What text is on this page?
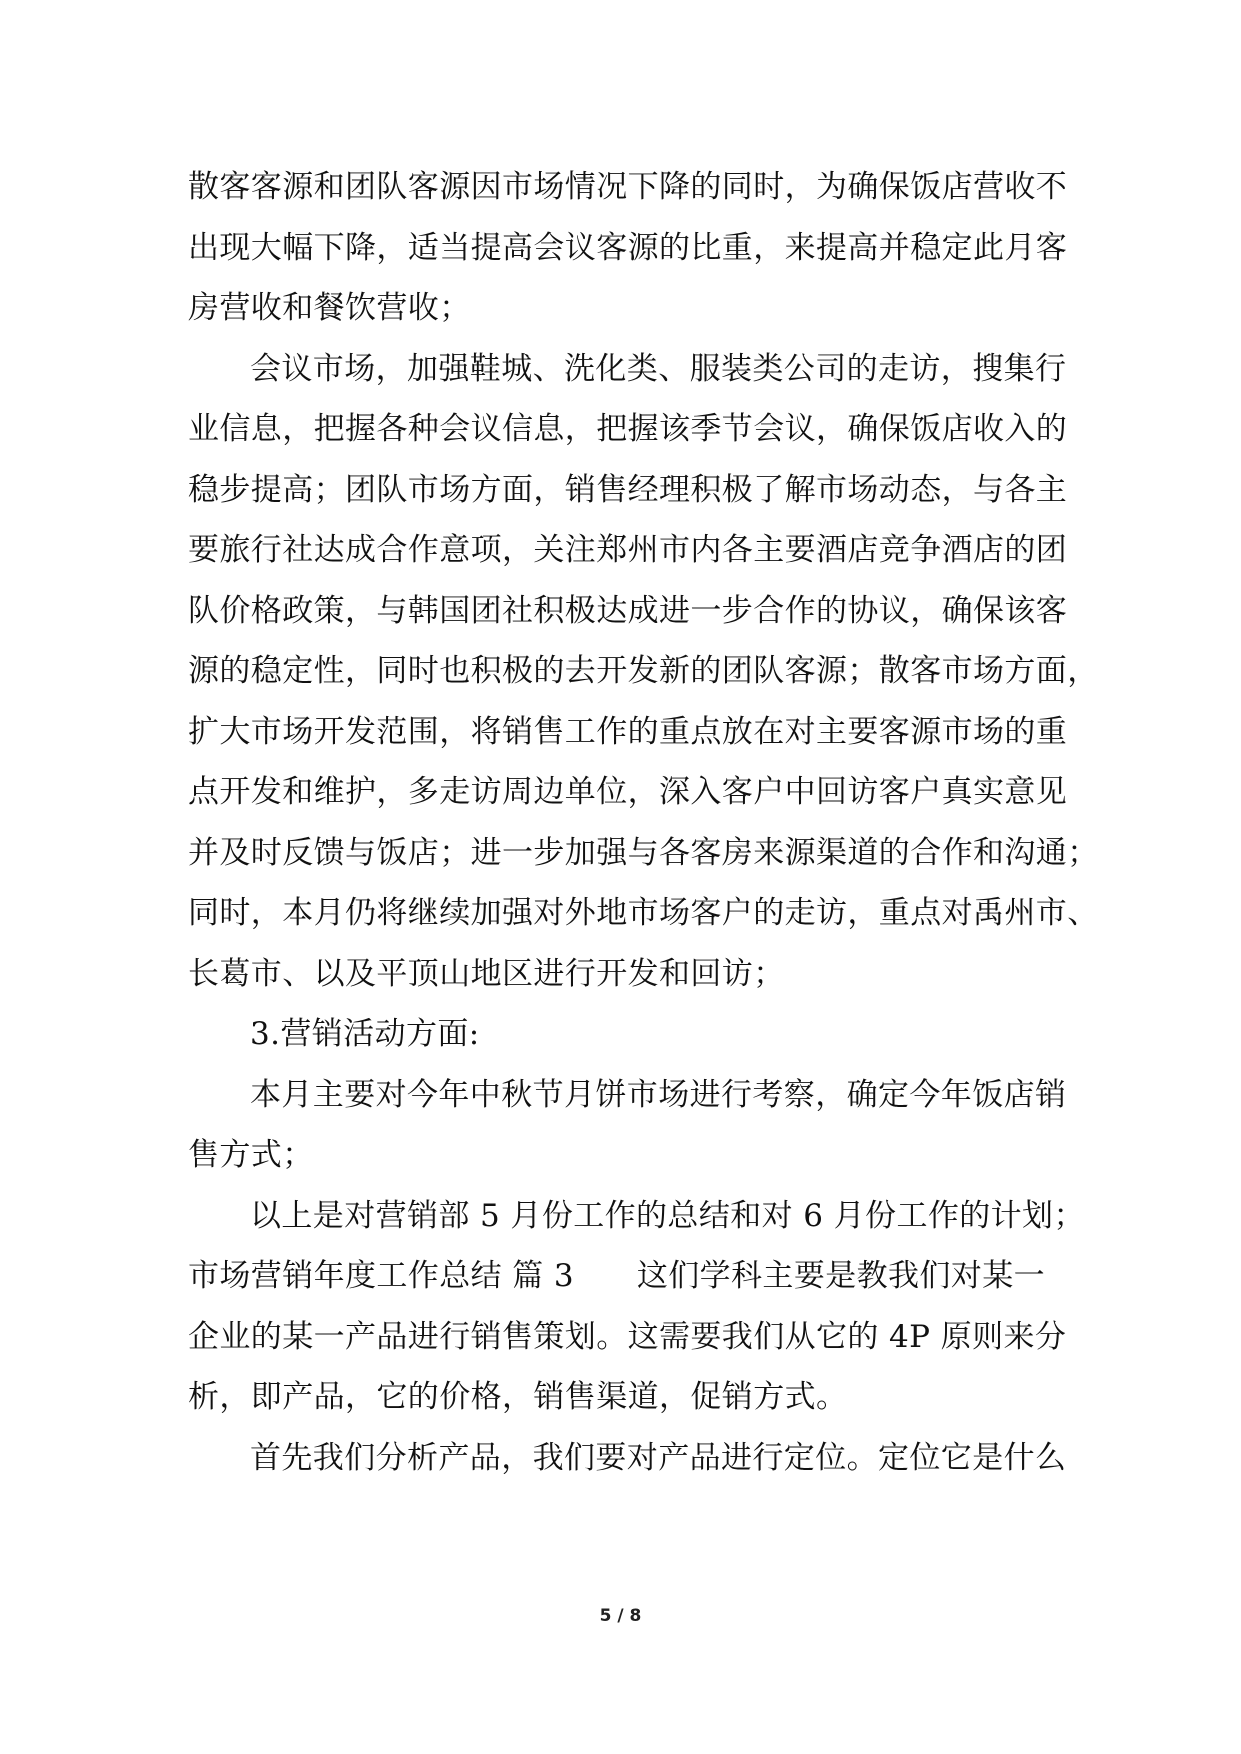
散客客源和团队客源因市场情况下降的同时，为确保饭店营收不
出现大幅下降，适当提高会议客源的比重，来提高并稳定此月客
房营收和餐饮营收；
会议市场，加强鞋城、洗化类、服装类公司的走访，搜集行
业信息，把握各种会议信息，把握该季节会议，确保饭店收入的
稳步提高；团队市场方面，销售经理积极了解市场动态，与各主
要旅行社达成合作意项，关注郑州市内各主要酒店竞争酒店的团
队价格政策，与韩国团社积极达成进一步合作的协议，确保该客
源的稳定性，同时也积极的去开发新的团队客源；散客市场方面，
扩大市场开发范围，将销售工作的重点放在对主要客源市场的重
点开发和维护，多走访周边单位，深入客户中回访客户真实意见
并及时反馈与饭店；进一步加强与各客房来源渠道的合作和沟通；
同时，本月仍将继续加强对外地市场客户的走访，重点对禹州市、
长葛市、以及平顶山地区进行开发和回访；
3.营销活动方面:
本月主要对今年中秋节月饼市场进行考察，确定今年饭店销
售方式；
以上是对营销部 5 月份工作的总结和对 6 月份工作的计划；
市场营销年度工作总结 篇 3　　这们学科主要是教我们对某一
企业的某一产品进行销售策划。这需要我们从它的 4P 原则来分
析，即产品，它的价格，销售渠道，促销方式。
首先我们分析产品，我们要对产品进行定位。定位它是什么
5 / 8
